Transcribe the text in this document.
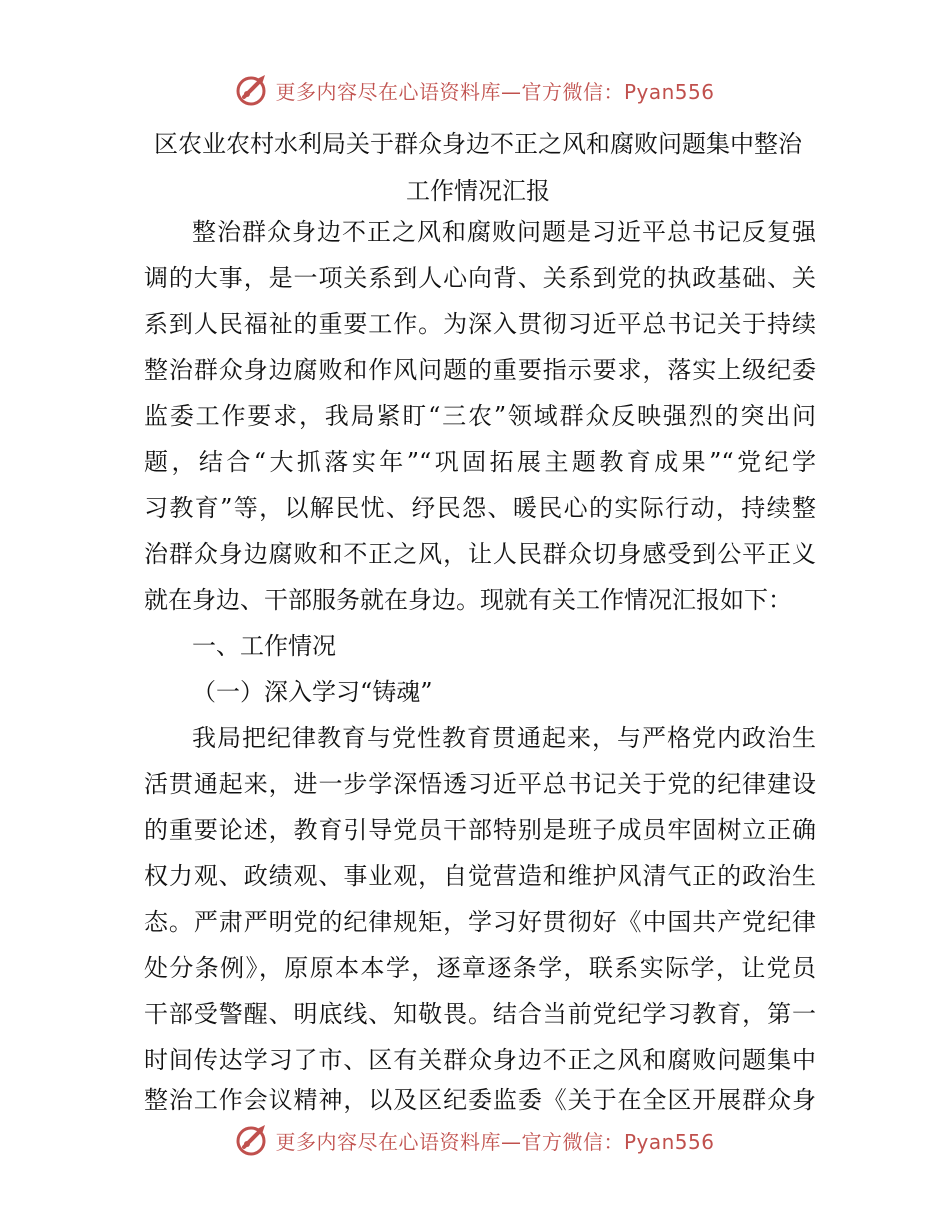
更多内容尽在心语资料库—官方微信：Pyan556
区农业农村水利局关于群众身边不正之风和腐败问题集中整治
工作情况汇报
整治群众身边不正之风和腐败问题是习近平总书记反复强
调的大事，是一项关系到人心向背、关系到党的执政基础、关
系到人民福祉的重要工作。为深入贯彻习近平总书记关于持续
整治群众身边腐败和作风问题的重要指示要求，落实上级纪委
监委工作要求，我局紧盯“三农”领域群众反映强烈的突出问
题，结合“大抓落实年”“巩固拓展主题教育成果”“党纪学
习教育”等，以解民忧、纾民怨、暖民心的实际行动，持续整
治群众身边腐败和不正之风，让人民群众切身感受到公平正义
就在身边、干部服务就在身边。现就有关工作情况汇报如下：
一、工作情况
（一）深入学习“铸魂”
我局把纪律教育与党性教育贯通起来，与严格党内政治生
活贯通起来，进一步学深悟透习近平总书记关于党的纪律建设
的重要论述，教育引导党员干部特别是班子成员牢固树立正确
权力观、政绩观、事业观，自觉营造和维护风清气正的政治生
态。严肃严明党的纪律规矩，学习好贯彻好《中国共产党纪律
处分条例》，原原本本学，逐章逐条学，联系实际学，让党员
干部受警醒、明底线、知敬畏。结合当前党纪学习教育，第一
时间传达学习了市、区有关群众身边不正之风和腐败问题集中
整治工作会议精神，以及区纪委监委《关于在全区开展群众身
更多内容尽在心语资料库—官方微信：Pyan556
